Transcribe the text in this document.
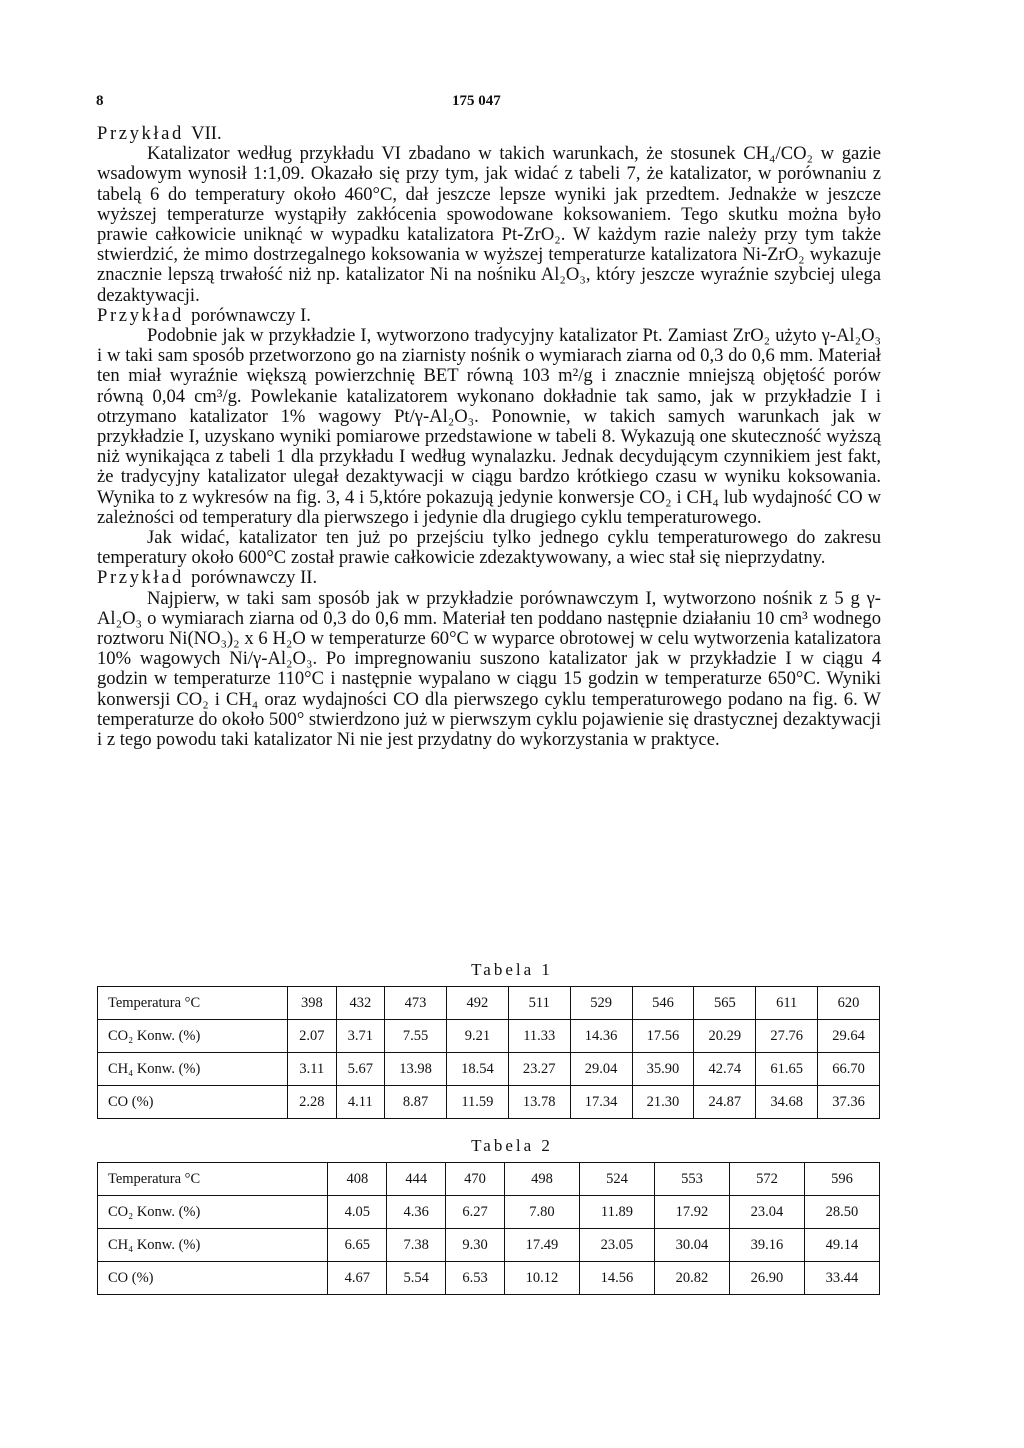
8	175 047

Przykład VII.

Katalizator według przykładu VI zbadano w takich warunkach, że stosunek CH₄/CO₂ w gazie wsadowym wynosił 1:1,09. Okazało się przy tym, jak widać z tabeli 7, że katalizator, w porównaniu z tabelą 6 do temperatury około 460°C, dał jeszcze lepsze wyniki jak przedtem. Jednakże w jeszcze wyższej temperaturze wystąpiły zakłócenia spowodowane koksowaniem. Tego skutku można było prawie całkowicie uniknąć w wypadku katalizatora Pt-ZrO₂. W każdym razie należy przy tym także stwierdzić, że mimo dostrzegalnego koksowania w wyższej temperaturze katalizatora Ni-ZrO₂ wykazuje znacznie lepszą trwałość niż np. katalizator Ni na nośniku Al₂O₃, który jeszcze wyraźnie szybciej ulega dezaktywacji.

Przykład porównawczy I.

Podobnie jak w przykładzie I, wytworzono tradycyjny katalizator Pt. Zamiast ZrO₂ użyto γ-Al₂O₃ i w taki sam sposób przetworzono go na ziarnisty nośnik o wymiarach ziarna od 0,3 do 0,6 mm. Materiał ten miał wyraźnie większą powierzchnię BET równą 103 m²/g i znacznie mniejszą objętość porów równą 0,04 cm³/g. Powlekanie katalizatorem wykonano dokładnie tak samo, jak w przykładzie I i otrzymano katalizator 1% wagowy Pt/γ-Al₂O₃. Ponownie, w takich samych warunkach jak w przykładzie I, uzyskano wyniki pomiarowe przedstawione w tabeli 8. Wykazują one skuteczność wyższą niż wynikająca z tabeli 1 dla przykładu I według wynalazku. Jednak decydującym czynnikiem jest fakt, że tradycyjny katalizator ulegał dezaktywacji w ciągu bardzo krótkiego czasu w wyniku koksowania. Wynika to z wykresów na fig. 3, 4 i 5,które pokazują jedynie konwersje CO₂ i CH₄ lub wydajność CO w zależności od temperatury dla pierwszego i jedynie dla drugiego cyklu temperaturowego.

Jak widać, katalizator ten już po przejściu tylko jednego cyklu temperaturowego do zakresu temperatury około 600°C został prawie całkowicie zdezaktywowany, a wiec stał się nieprzydatny.

Przykład porównawczy II.

Najpierw, w taki sam sposób jak w przykładzie porównawczym I, wytworzono nośnik z 5 g γ-Al₂O₃ o wymiarach ziarna od 0,3 do 0,6 mm. Materiał ten poddano następnie działaniu 10 cm³ wodnego roztworu Ni(NO₃)₂ x 6 H₂O w temperaturze 60°C w wyparce obrotowej w celu wytworzenia katalizatora 10% wagowych Ni/γ-Al₂O₃. Po impregnowaniu suszono katalizator jak w przykładzie I w ciągu 4 godzin w temperaturze 110°C i następnie wypalano w ciągu 15 godzin w temperaturze 650°C. Wyniki konwersji CO₂ i CH₄ oraz wydajności CO dla pierwszego cyklu temperaturowego podano na fig. 6. W temperaturze do około 500° stwierdzono już w pierwszym cyklu pojawienie się drastycznej dezaktywacji i z tego powodu taki katalizator Ni nie jest przydatny do wykorzystania w praktyce.

Tabela 1
Temperatura °C	398	432	473	492	511	529	546	565	611	620
CO₂ Konw. (%)	2.07	3.71	7.55	9.21	11.33	14.36	17.56	20.29	27.76	29.64
CH₄ Konw. (%)	3.11	5.67	13.98	18.54	23.27	29.04	35.90	42.74	61.65	66.70
CO (%)	2.28	4.11	8.87	11.59	13.78	17.34	21.30	24.87	34.68	37.36
Tabela 2
Temperatura °C	408	444	470	498	524	553	572	596
CO₂ Konw. (%)	4.05	4.36	6.27	7.80	11.89	17.92	23.04	28.50
CH₄ Konw. (%)	6.65	7.38	9.30	17.49	23.05	30.04	39.16	49.14
CO (%)	4.67	5.54	6.53	10.12	14.56	20.82	26.90	33.44
